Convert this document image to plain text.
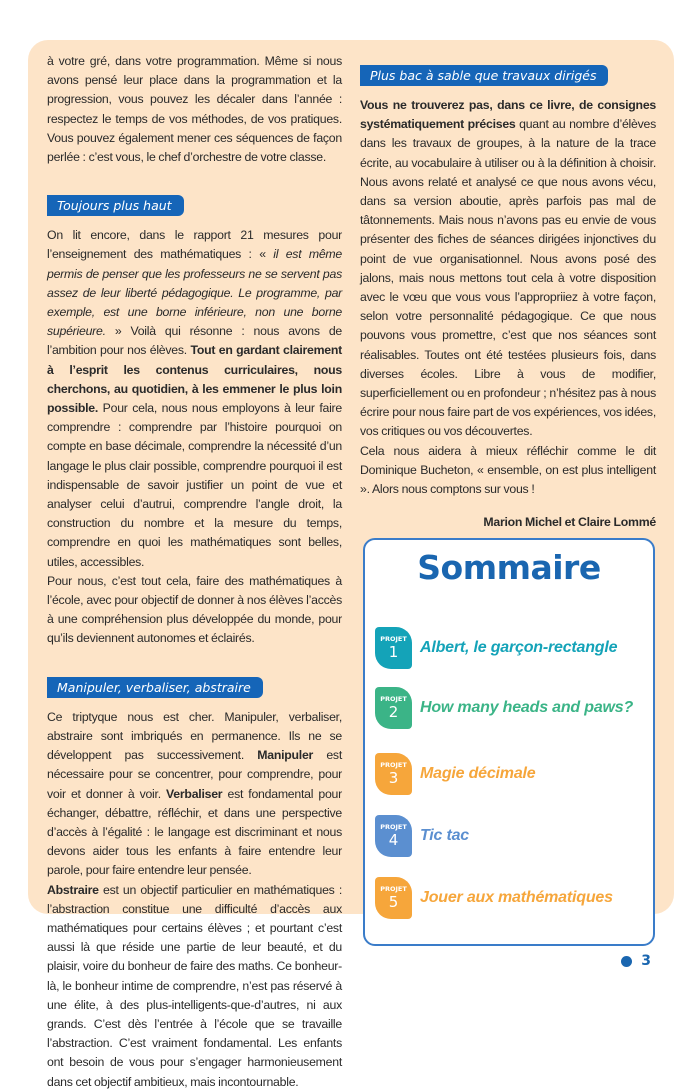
à votre gré, dans votre programmation. Même si nous avons pensé leur place dans la programmation et la progression, vous pouvez les décaler dans l’année : respectez le temps de vos méthodes, de vos pratiques. Vous pouvez également mener ces séquences de façon perlée : c’est vous, le chef d’orchestre de votre classe.

Toujours plus haut

On lit encore, dans le rapport 21 mesures pour l’enseignement des mathématiques : « il est même permis de penser que les professeurs ne se servent pas assez de leur liberté pédagogique. Le programme, par exemple, est une borne inférieure, non une borne supérieure. » Voilà qui résonne : nous avons de l’ambition pour nos élèves. Tout en gardant clairement à l’esprit les contenus curriculaires, nous cherchons, au quotidien, à les emmener le plus loin possible. Pour cela, nous nous employons à leur faire comprendre : comprendre par l’histoire pourquoi on compte en base décimale, comprendre la nécessité d’un langage le plus clair possible, comprendre pourquoi il est indispensable de savoir justifier un point de vue et analyser celui d’autrui, comprendre l’angle droit, la construction du nombre et la mesure du temps, comprendre en quoi les mathématiques sont belles, utiles, accessibles.

Pour nous, c’est tout cela, faire des mathématiques à l’école, avec pour objectif de donner à nos élèves l’accès à une compréhension plus développée du monde, pour qu’ils deviennent autonomes et éclairés.

Manipuler, verbaliser, abstraire

Ce triptyque nous est cher. Manipuler, verbaliser, abstraire sont imbriqués en permanence. Ils ne se développent pas successivement. Manipuler est nécessaire pour se concentrer, pour comprendre, pour voir et donner à voir. Verbaliser est fondamental pour échanger, débattre, réfléchir, et dans une perspective d’accès à l’égalité : le langage est discriminant et nous devons aider tous les enfants à faire entendre leur parole, pour faire entendre leur pensée.

Abstraire est un objectif particulier en mathématiques : l’abstraction constitue une difficulté d’accès aux mathématiques pour certains élèves ; et pourtant c’est aussi là que réside une partie de leur beauté, et du plaisir, voire du bonheur de faire des maths. Ce bonheur-là, le bonheur intime de comprendre, n’est pas réservé à une élite, à des plus-intelligents-que-d’autres, ni aux grands. C’est dès l’entrée à l’école que se travaille l’abstraction. C’est vraiment fondamental. Les enfants ont besoin de vous pour s’engager harmonieusement dans cet objectif ambitieux, mais incontournable.

Plus bac à sable que travaux dirigés

Vous ne trouverez pas, dans ce livre, de consignes systématiquement précises quant au nombre d’élèves dans les travaux de groupes, à la nature de la trace écrite, au vocabulaire à utiliser ou à la définition à choisir. Nous avons relaté et analysé ce que nous avons vécu, dans sa version aboutie, après parfois pas mal de tâtonnements. Mais nous n’avons pas eu envie de vous présenter des fiches de séances dirigées injonctives du point de vue organisationnel. Nous avons posé des jalons, mais nous mettons tout cela à votre disposition avec le vœu que vous vous l’appropriiez à votre façon, selon votre personnalité pédagogique. Ce que nous pouvons vous promettre, c’est que nos séances sont réalisables. Toutes ont été testées plusieurs fois, dans diverses écoles. Libre à vous de modifier, superficiellement ou en profondeur ; n’hésitez pas à nous écrire pour nous faire part de vos expériences, vos idées, vos critiques ou vos découvertes.

Cela nous aidera à mieux réfléchir comme le dit Dominique Bucheton, « ensemble, on est plus intelligent ». Alors nous comptons sur vous !

Marion Michel et Claire Lommé

Sommaire
PROJET
1 Albert, le garçon-rectangle
PROJET
2 How many heads and paws?
PROJET
3 Magie décimale
PROJET
4 Tic tac
PROJET
5 Jouer aux mathématiques
3
